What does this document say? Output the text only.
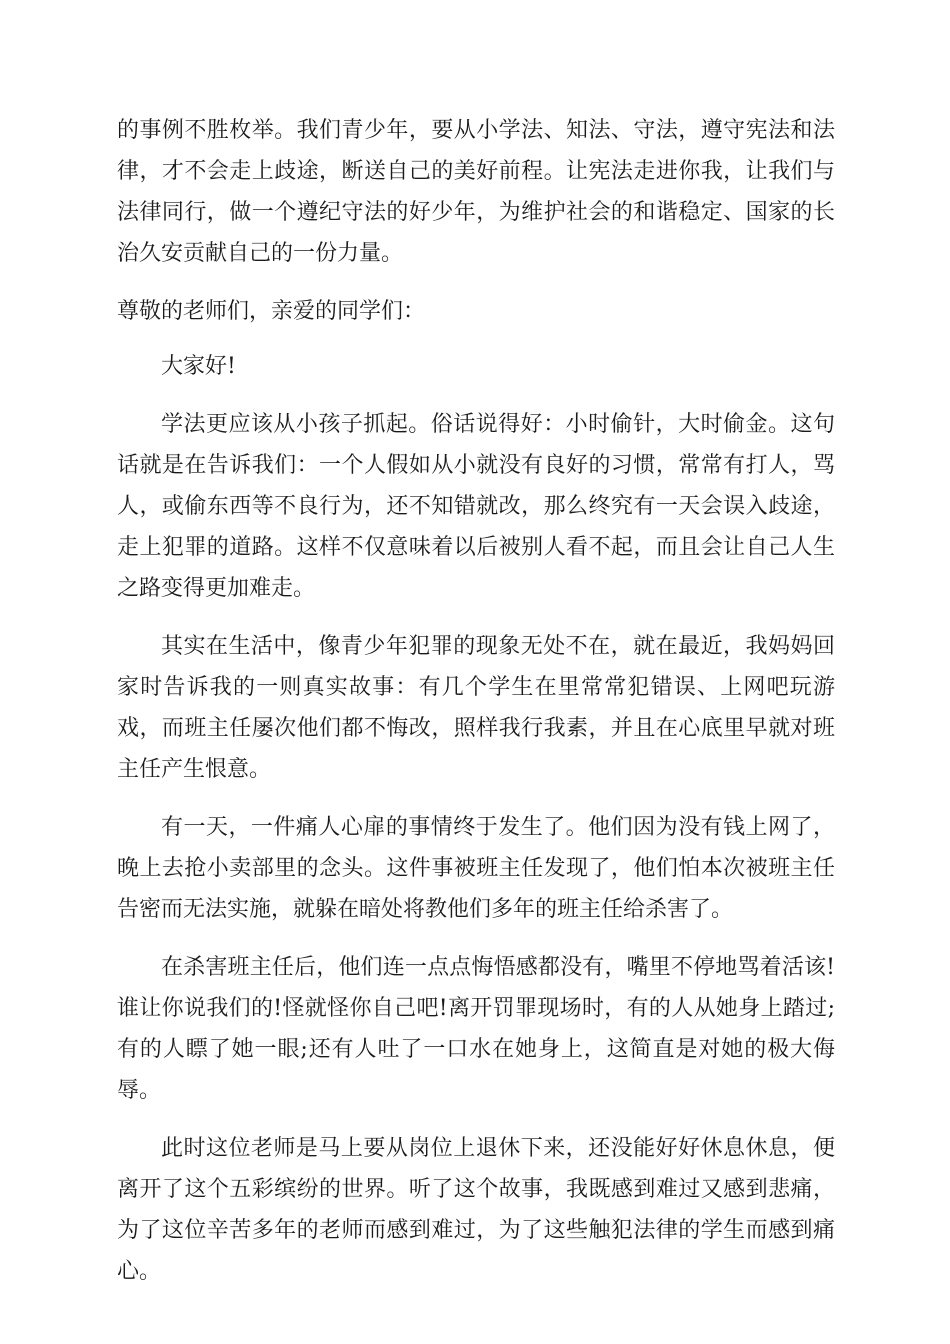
的事例不胜枚举。我们青少年，要从小学法、知法、守法，遵守宪法和法律，才不会走上歧途，断送自己的美好前程。让宪法走进你我，让我们与法律同行，做一个遵纪守法的好少年，为维护社会的和谐稳定、国家的长治久安贡献自己的一份力量。

尊敬的老师们，亲爱的同学们：

大家好!

学法更应该从小孩子抓起。俗话说得好：小时偷针，大时偷金。这句话就是在告诉我们：一个人假如从小就没有良好的习惯，常常有打人，骂人，或偷东西等不良行为，还不知错就改，那么终究有一天会误入歧途，走上犯罪的道路。这样不仅意味着以后被别人看不起，而且会让自己人生之路变得更加难走。

其实在生活中，像青少年犯罪的现象无处不在，就在最近，我妈妈回家时告诉我的一则真实故事：有几个学生在里常常犯错误、上网吧玩游戏，而班主任屡次他们都不悔改，照样我行我素，并且在心底里早就对班主任产生恨意。

有一天，一件痛人心扉的事情终于发生了。他们因为没有钱上网了，晚上去抢小卖部里的念头。这件事被班主任发现了，他们怕本次被班主任告密而无法实施，就躲在暗处将教他们多年的班主任给杀害了。

在杀害班主任后，他们连一点点悔悟感都没有，嘴里不停地骂着活该!谁让你说我们的!怪就怪你自己吧!离开罚罪现场时，有的人从她身上踏过;有的人瞟了她一眼;还有人吐了一口水在她身上，这简直是对她的极大侮辱。

此时这位老师是马上要从岗位上退休下来，还没能好好休息休息，便离开了这个五彩缤纷的世界。听了这个故事，我既感到难过又感到悲痛，为了这位辛苦多年的老师而感到难过，为了这些触犯法律的学生而感到痛心。
